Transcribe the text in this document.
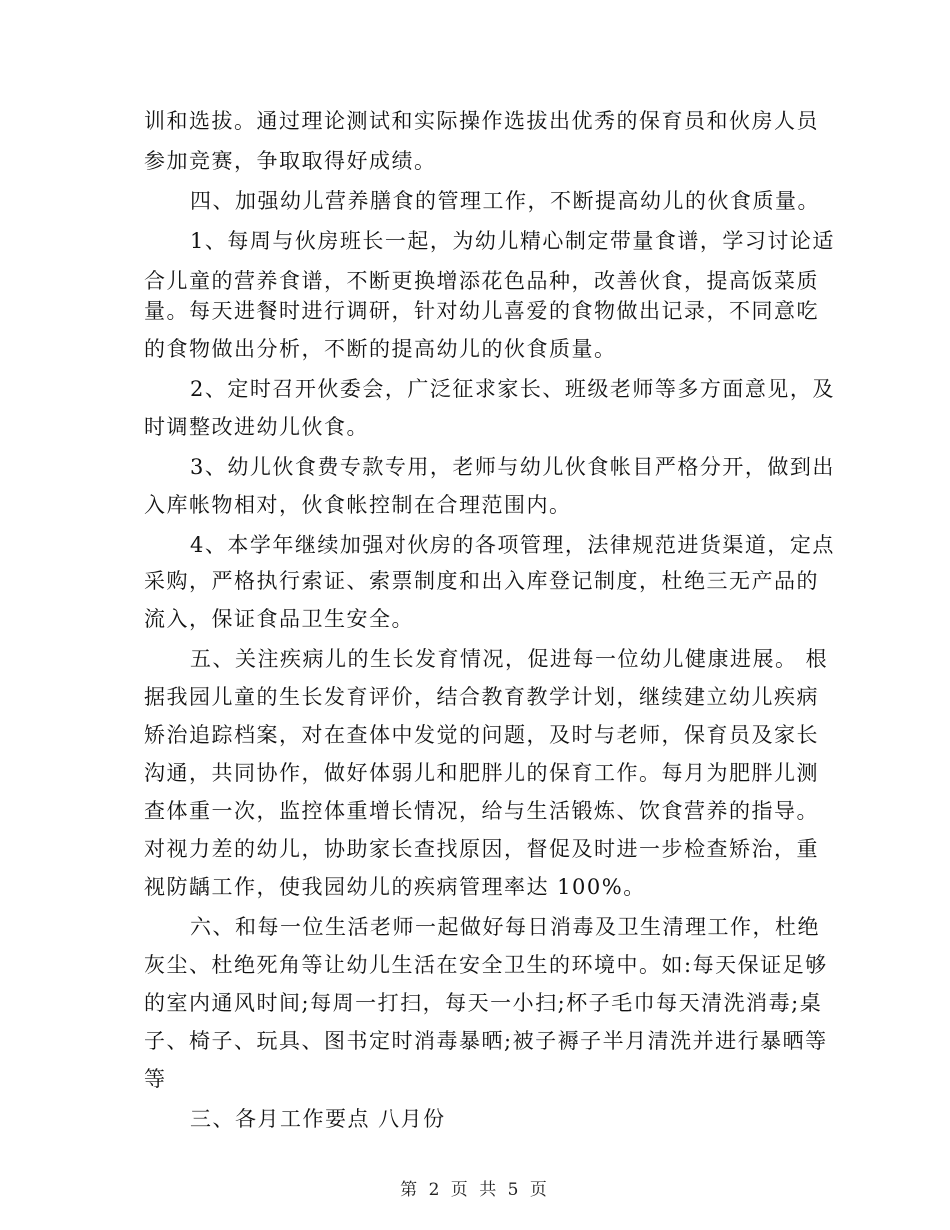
训和选拔。通过理论测试和实际操作选拔出优秀的保育员和伙房人员
参加竞赛，争取取得好成绩。
四、加强幼儿营养膳食的管理工作，不断提高幼儿的伙食质量。
1、每周与伙房班长一起，为幼儿精心制定带量食谱，学习讨论适
合儿童的营养食谱，不断更换增添花色品种，改善伙食，提高饭菜质
量。每天进餐时进行调研，针对幼儿喜爱的食物做出记录，不同意吃
的食物做出分析，不断的提高幼儿的伙食质量。
2、定时召开伙委会，广泛征求家长、班级老师等多方面意见，及
时调整改进幼儿伙食。
3、幼儿伙食费专款专用，老师与幼儿伙食帐目严格分开，做到出
入库帐物相对，伙食帐控制在合理范围内。
4、本学年继续加强对伙房的各项管理，法律规范进货渠道，定点
采购，严格执行索证、索票制度和出入库登记制度，杜绝三无产品的
流入，保证食品卫生安全。
五、关注疾病儿的生长发育情况，促进每一位幼儿健康进展。 根
据我园儿童的生长发育评价，结合教育教学计划，继续建立幼儿疾病
矫治追踪档案，对在查体中发觉的问题，及时与老师，保育员及家长
沟通，共同协作，做好体弱儿和肥胖儿的保育工作。每月为肥胖儿测
查体重一次，监控体重增长情况，给与生活锻炼、饮食营养的指导。
对视力差的幼儿，协助家长查找原因，督促及时进一步检查矫治，重
视防龋工作，使我园幼儿的疾病管理率达 100%。
六、和每一位生活老师一起做好每日消毒及卫生清理工作，杜绝
灰尘、杜绝死角等让幼儿生活在安全卫生的环境中。如:每天保证足够
的室内通风时间;每周一打扫，每天一小扫;杯子毛巾每天清洗消毒;桌
子、椅子、玩具、图书定时消毒暴晒;被子褥子半月清洗并进行暴晒等
等
三、各月工作要点 八月份
第 2 页 共 5 页
